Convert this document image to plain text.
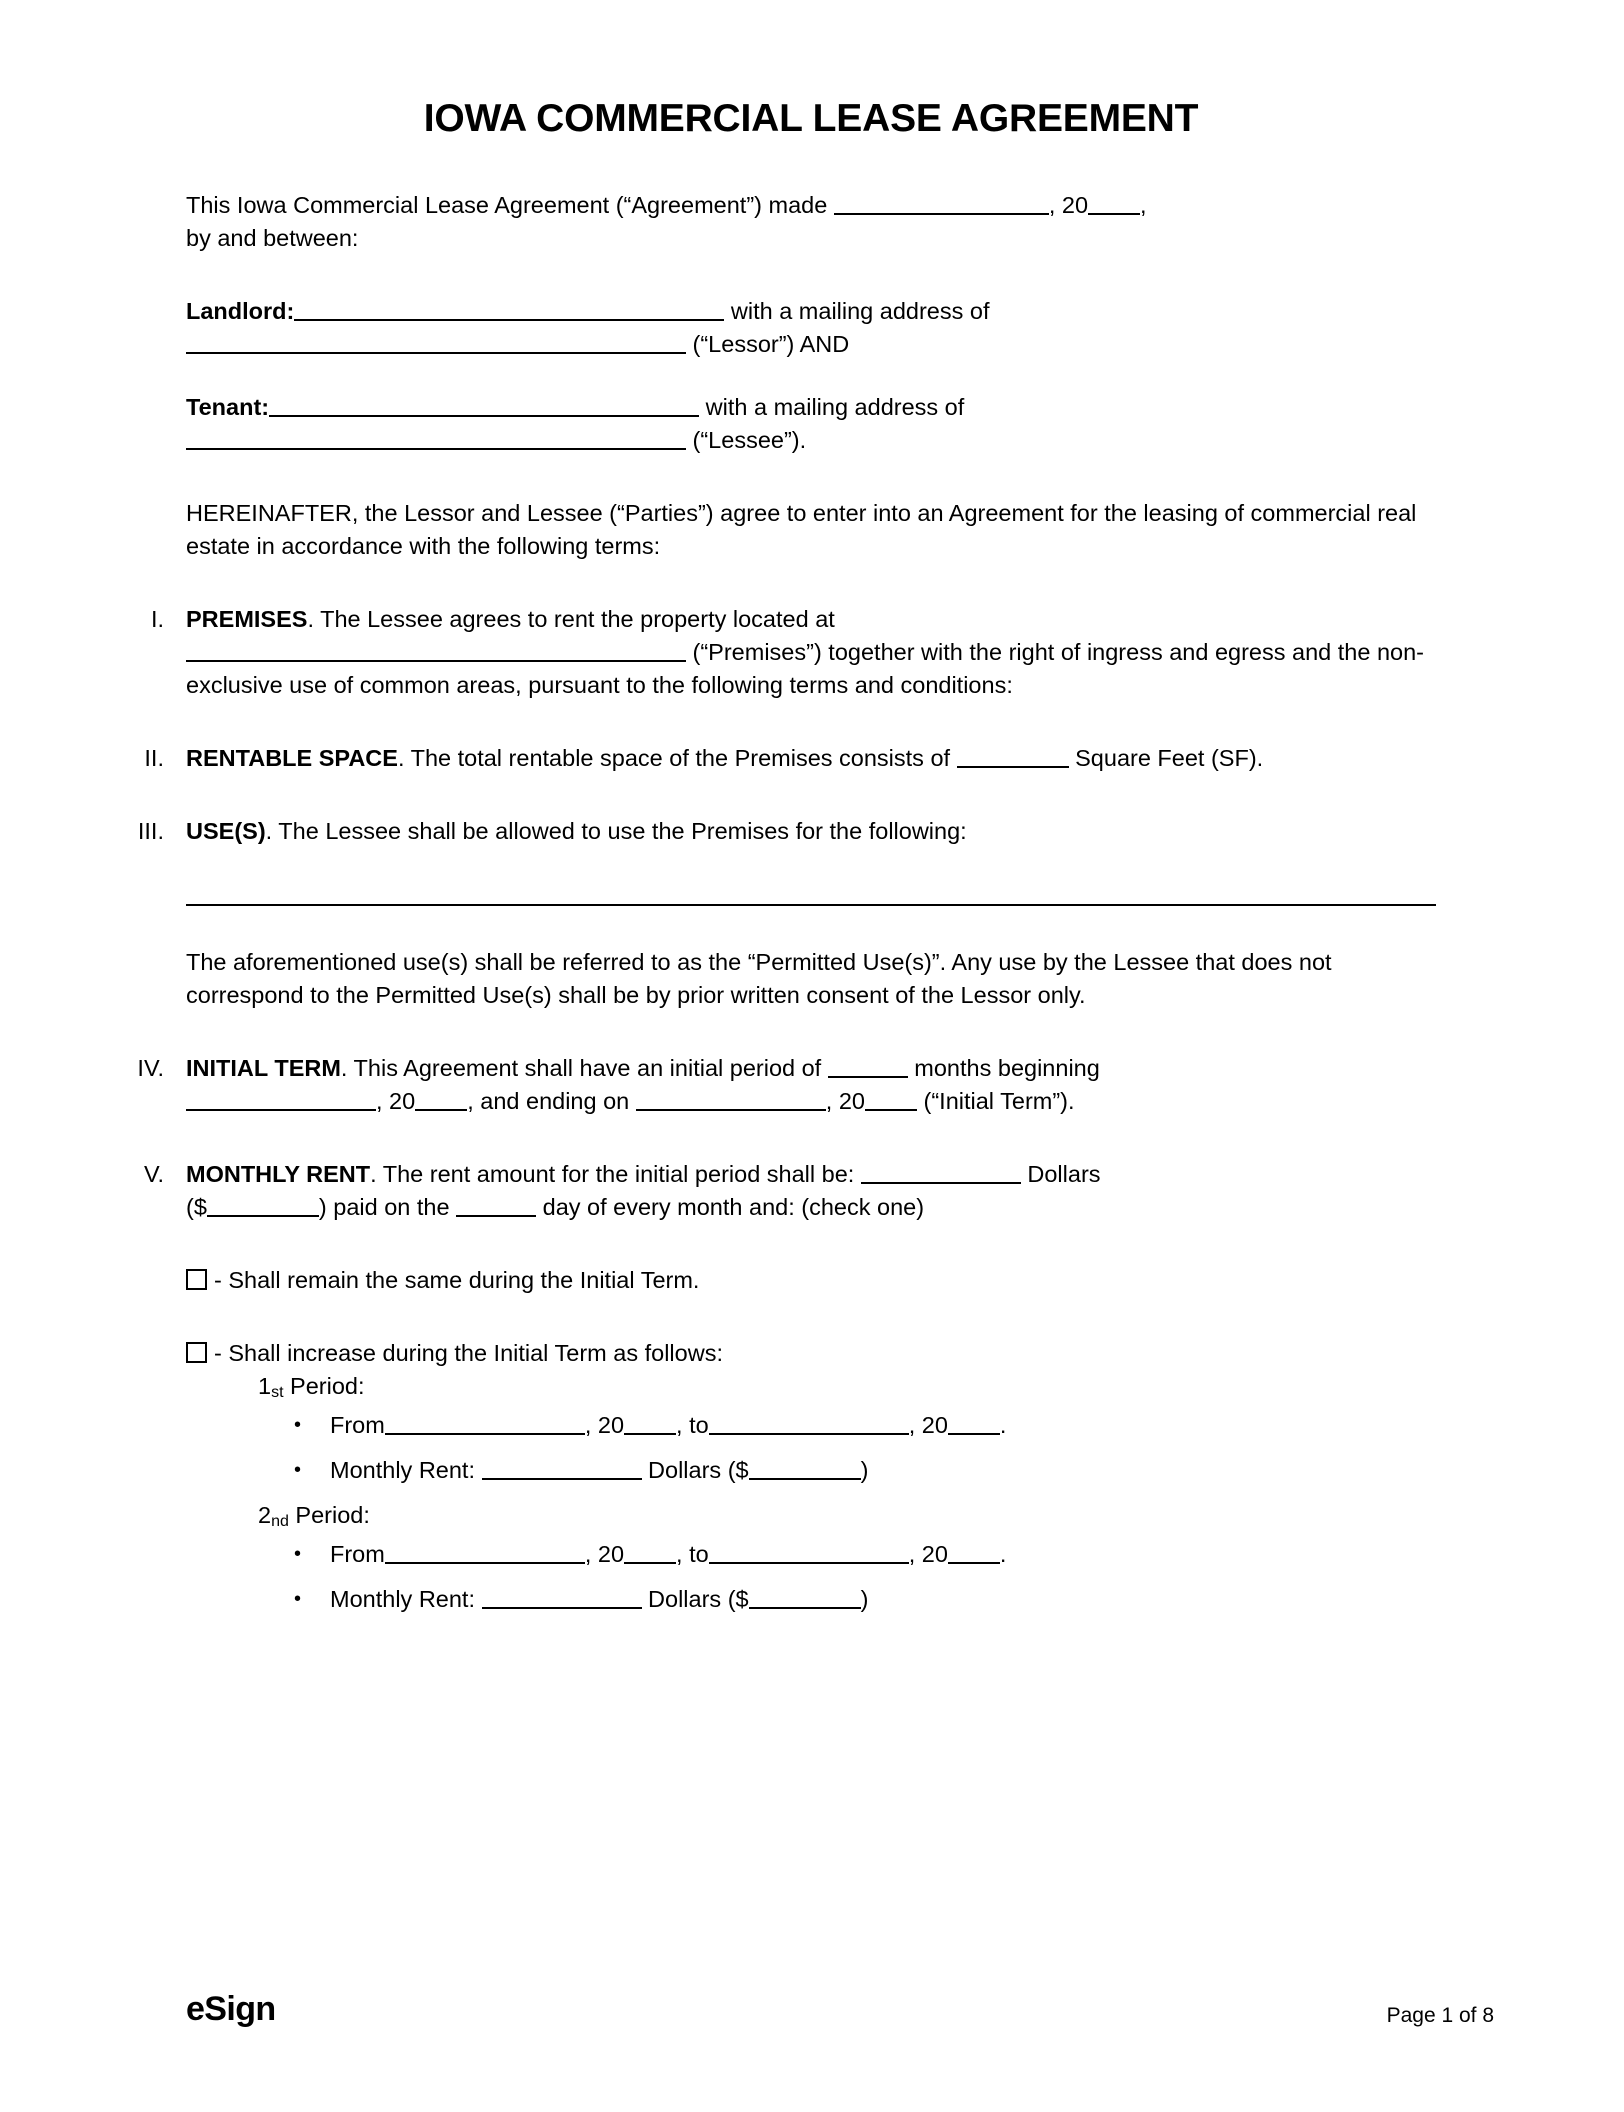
IOWA COMMERCIAL LEASE AGREEMENT
This Iowa Commercial Lease Agreement (“Agreement”) made	, 20 ,
by and between:
Landlord:	with a mailing address of
(“Lessor”) AND
Tenant:	with a mailing address of
(“Lessee”).
HEREINAFTER, the Lessor and Lessee (“Parties”) agree to enter into an Agreement for the leasing of commercial real estate in accordance with the following terms:
I. PREMISES. The Lessee agrees to rent the property located at
(“Premises”) together with the right of ingress and egress and the non-exclusive use of common areas, pursuant to the following terms and conditions:
II. RENTABLE SPACE. The total rentable space of the Premises consists of	Square Feet (SF).
III. USE(S). The Lessee shall be allowed to use the Premises for the following:
The aforementioned use(s) shall be referred to as the “Permitted Use(s)”. Any use by the Lessee that does not correspond to the Permitted Use(s) shall be by prior written consent of the Lessor only.
IV. INITIAL TERM. This Agreement shall have an initial period of	months beginning
, 20 , and ending on	, 20 (“Initial Term”).
V. MONTHLY RENT. The rent amount for the initial period shall be:	Dollars
($	) paid on the	day of every month and: (check one)
- Shall remain the same during the Initial Term.
- Shall increase during the Initial Term as follows:
1st Period:
•	From	, 20 , to	, 20 .
•	Monthly Rent:	Dollars ($	)
2nd Period:
•	From	, 20 , to	, 20 .
•	Monthly Rent:	Dollars ($	)
eSign	Page 1 of 8
